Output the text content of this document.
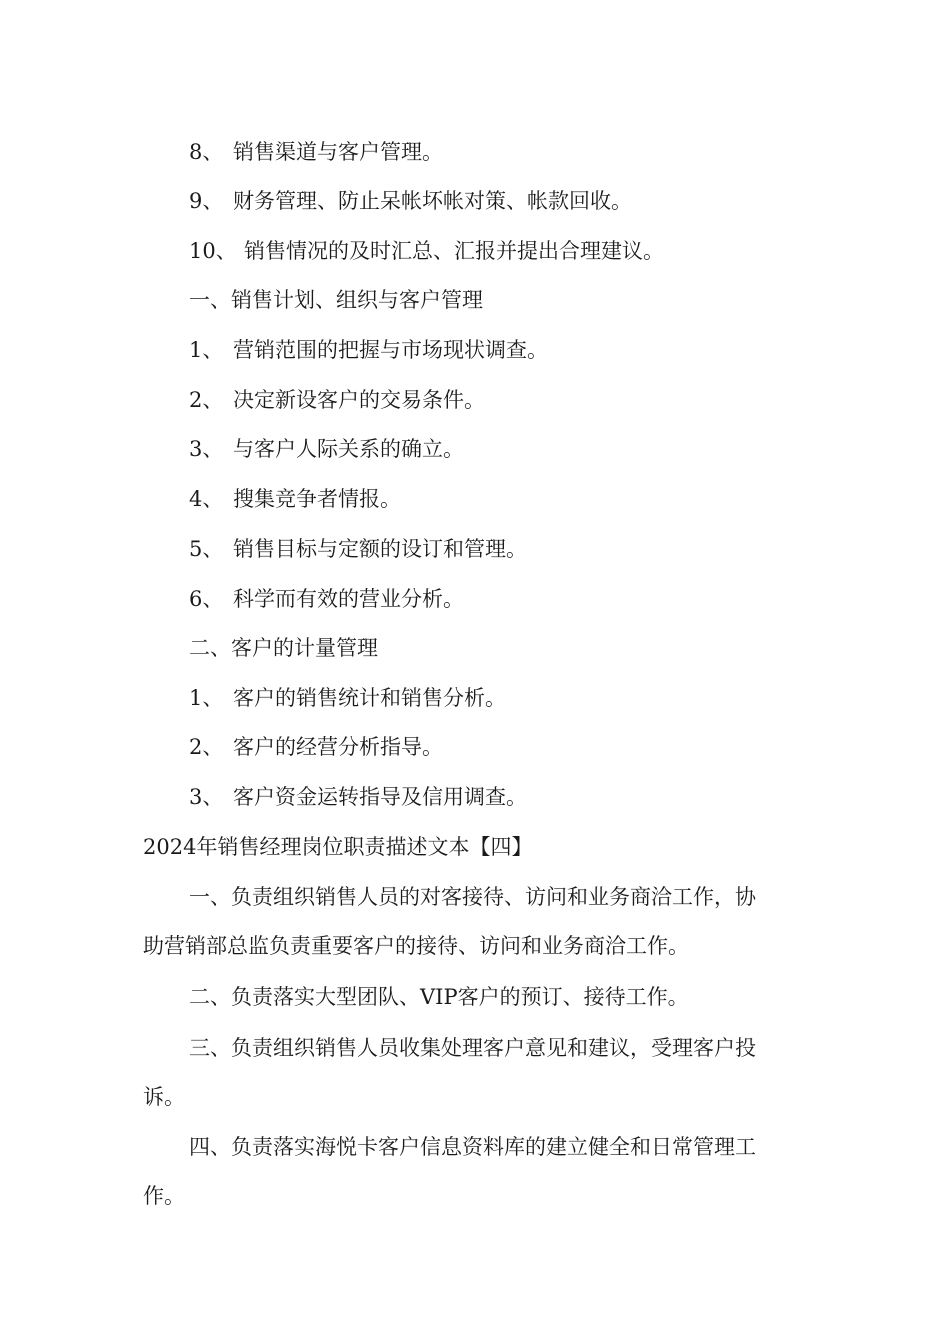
8、 销售渠道与客户管理。
9、 财务管理、防止呆帐坏帐对策、帐款回收。
10、 销售情况的及时汇总、汇报并提出合理建议。
一、销售计划、组织与客户管理
1、 营销范围的把握与市场现状调查。
2、 决定新设客户的交易条件。
3、 与客户人际关系的确立。
4、 搜集竞争者情报。
5、 销售目标与定额的设订和管理。
6、 科学而有效的营业分析。
二、客户的计量管理
1、 客户的销售统计和销售分析。
2、 客户的经营分析指导。
3、 客户资金运转指导及信用调查。
2024年销售经理岗位职责描述文本【四】
一、负责组织销售人员的对客接待、访问和业务商洽工作，协
助营销部总监负责重要客户的接待、访问和业务商洽工作。
二、负责落实大型团队、VIP客户的预订、接待工作。
三、负责组织销售人员收集处理客户意见和建议，受理客户投
诉。
四、负责落实海悦卡客户信息资料库的建立健全和日常管理工
作。
